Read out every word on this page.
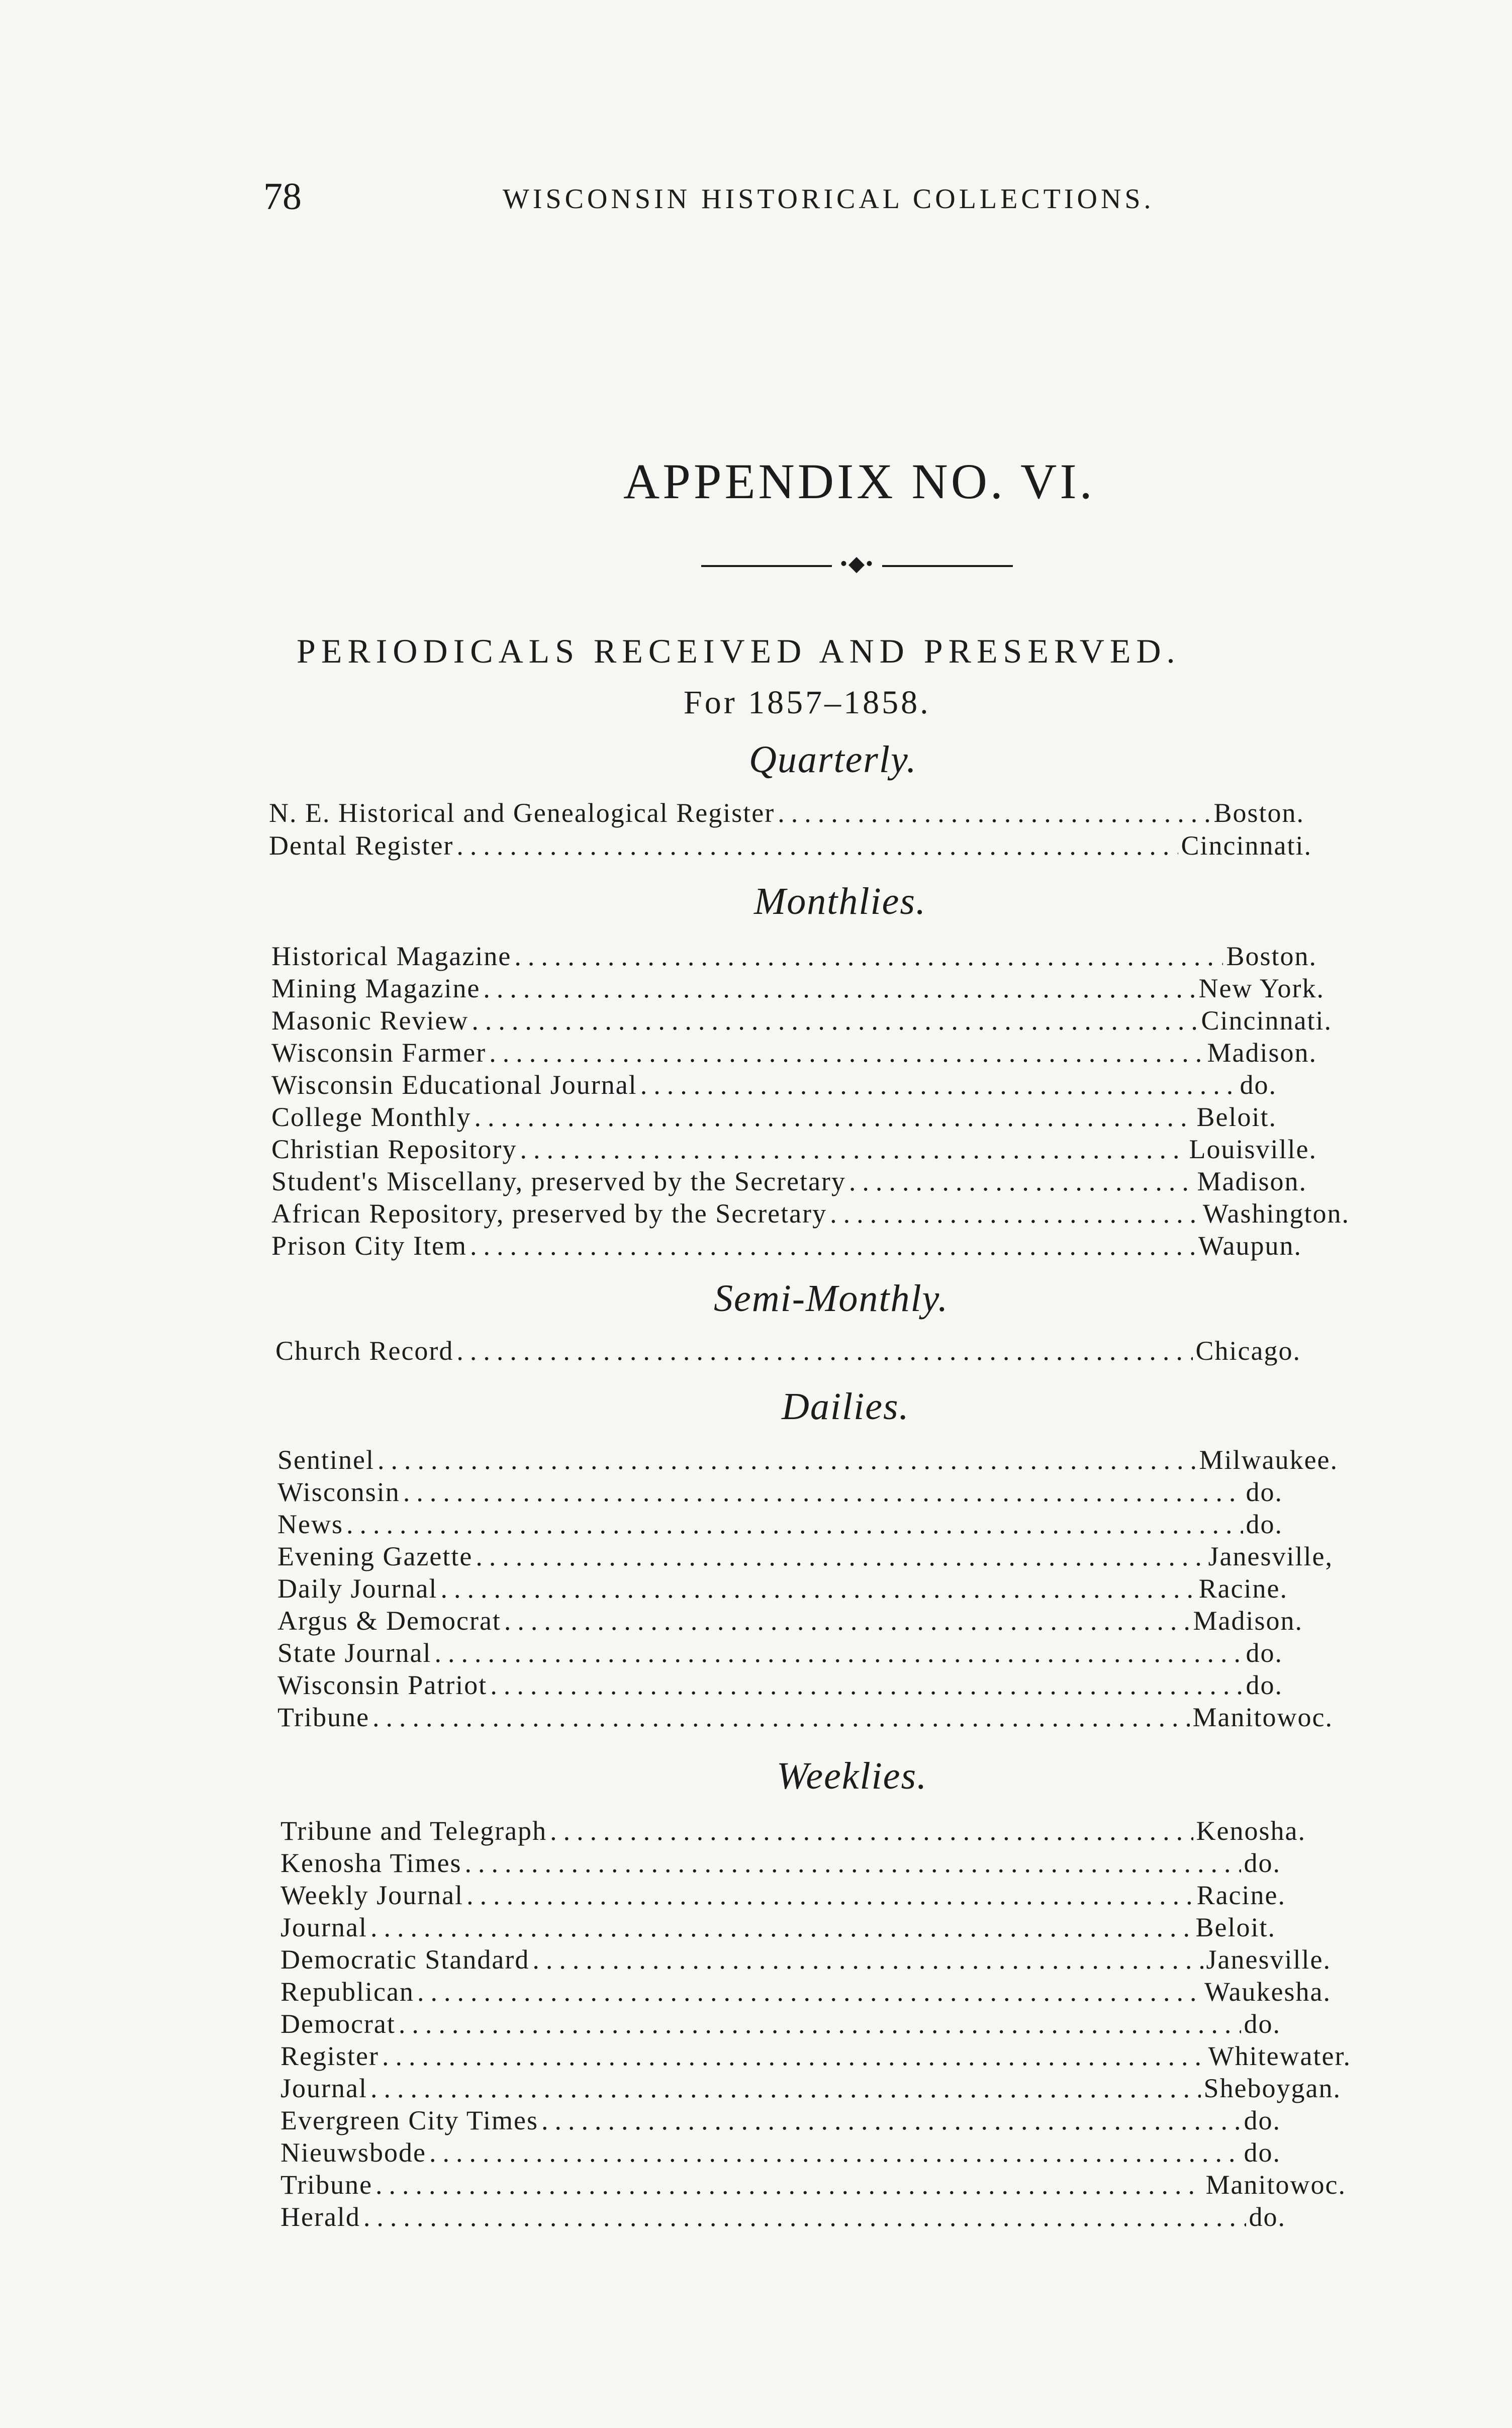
78	WISCONSIN HISTORICAL COLLECTIONS.
APPENDIX NO. VI.
•◆•
PERIODICALS RECEIVED AND PRESERVED.
For 1857–1858.
Quarterly.
N. E. Historical and Genealogical Register .....	Boston.
Dental Register .....	Cincinnati.
Monthlies.
Historical Magazine .....	Boston.
Mining Magazine .....	New York.
Masonic Review .....	Cincinnati.
Wisconsin Farmer .....	Madison.
Wisconsin Educational Journal .....	do.
College Monthly .....	Beloit.
Christian Repository .....	Louisville.
Student's Miscellany, preserved by the Secretary .....	Madison.
African Repository, preserved by the Secretary .....	Washington.
Prison City Item .....	Waupun.
Semi-Monthly.
Church Record .....	Chicago.
Dailies.
Sentinel .....	Milwaukee.
Wisconsin .....	do.
News .....	do.
Evening Gazette .....	Janesville,
Daily Journal .....	Racine.
Argus & Democrat .....	Madison.
State Journal .....	do.
Wisconsin Patriot .....	do.
Tribune .....	Manitowoc.
Weeklies.
Tribune and Telegraph .....	Kenosha.
Kenosha Times .....	do.
Weekly Journal .....	Racine.
Journal .....	Beloit.
Democratic Standard .....	Janesville.
Republican .....	Waukesha.
Democrat .....	do.
Register .....	Whitewater.
Journal .....	Sheboygan.
Evergreen City Times .....	do.
Nieuwsbode .....	do.
Tribune .....	Manitowoc.
Herald .....	do.
